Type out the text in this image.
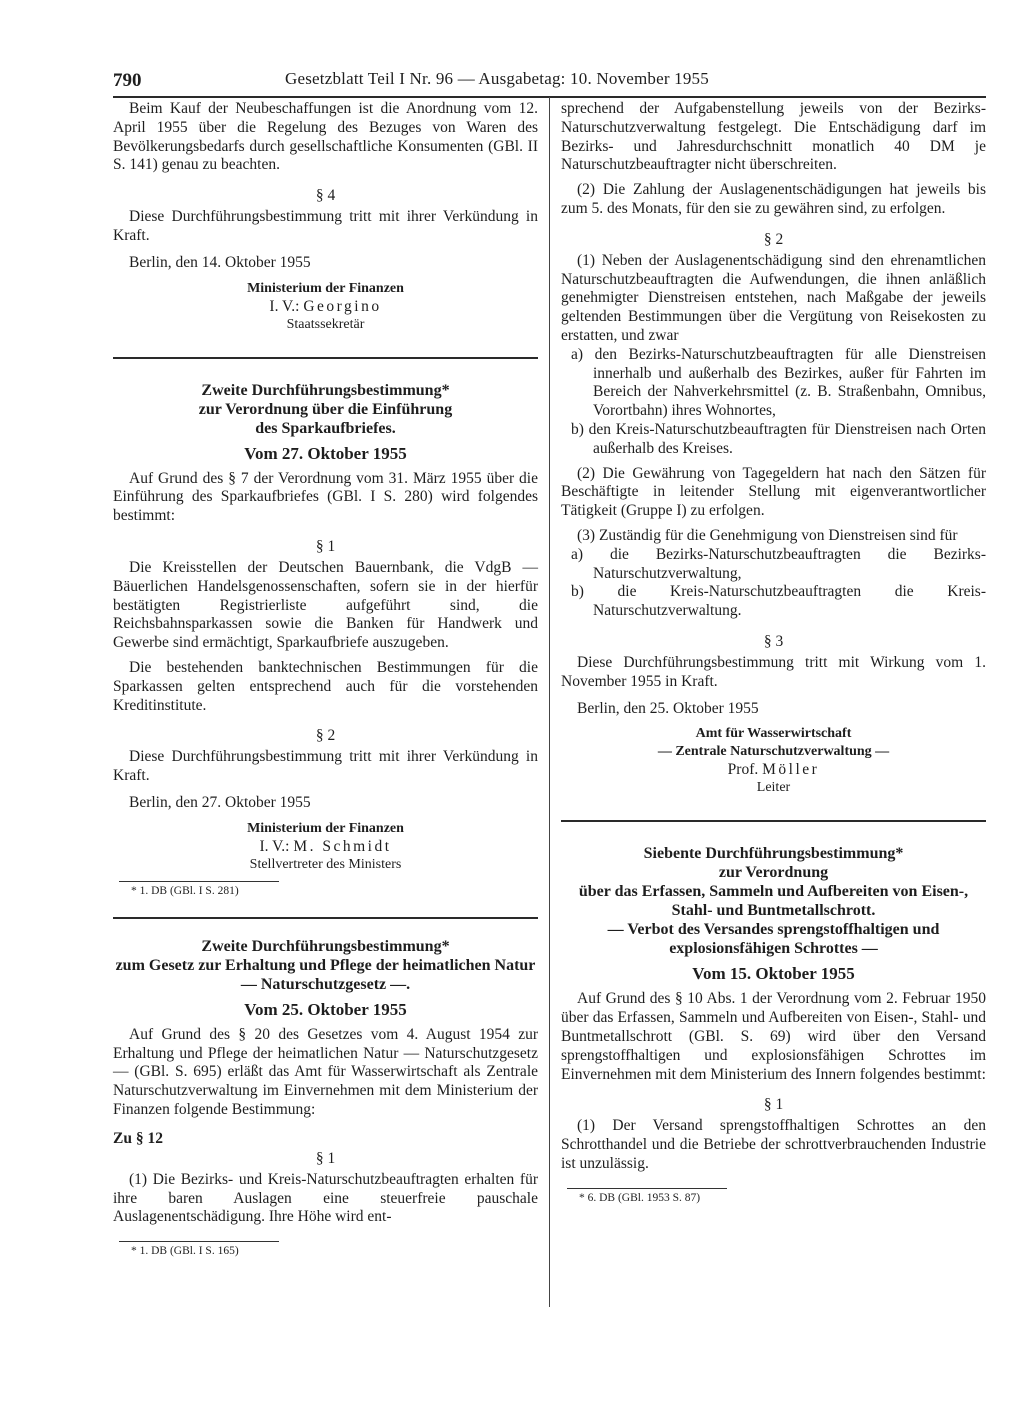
790	Gesetzblatt Teil I Nr. 96 — Ausgabetag: 10. November 1955

Beim Kauf der Neubeschaffungen ist die Anordnung vom 12. April 1955 über die Regelung des Bezuges von Waren des Bevölkerungsbedarfs durch gesellschaftliche Konsumenten (GBl. II S. 141) genau zu beachten.

§ 4

Diese Durchführungsbestimmung tritt mit ihrer Verkündung in Kraft.

Berlin, den 14. Oktober 1955

Ministerium der Finanzen
I. V.: Georgino
Staatssekretär
Zweite Durchführungsbestimmung*
zur Verordnung über die Einführung
des Sparkaufbriefes.
Vom 27. Oktober 1955

Auf Grund des § 7 der Verordnung vom 31. März 1955 über die Einführung des Sparkaufbriefes (GBl. I S. 280) wird folgendes bestimmt:

§ 1

Die Kreisstellen der Deutschen Bauernbank, die VdgB — Bäuerlichen Handelsgenossenschaften, sofern sie in der hierfür bestätigten Registrierliste aufgeführt sind, die Reichsbahnsparkassen sowie die Banken für Handwerk und Gewerbe sind ermächtigt, Sparkaufbriefe auszugeben.

Die bestehenden banktechnischen Bestimmungen für die Sparkassen gelten entsprechend auch für die vorstehenden Kreditinstitute.

§ 2

Diese Durchführungsbestimmung tritt mit ihrer Verkündung in Kraft.

Berlin, den 27. Oktober 1955

Ministerium der Finanzen
I. V.: M. Schmidt
Stellvertreter des Ministers
* 1. DB (GBl. I S. 281)
Zweite Durchführungsbestimmung*
zum Gesetz zur Erhaltung und Pflege der heimatlichen Natur — Naturschutzgesetz —.
Vom 25. Oktober 1955

Auf Grund des § 20 des Gesetzes vom 4. August 1954 zur Erhaltung und Pflege der heimatlichen Natur — Naturschutzgesetz — (GBl. S. 695) erläßt das Amt für Wasserwirtschaft als Zentrale Naturschutzverwaltung im Einvernehmen mit dem Ministerium der Finanzen folgende Bestimmung:

Zu § 12
§ 1

(1) Die Bezirks- und Kreis-Naturschutzbeauftragten erhalten für ihre baren Auslagen eine steuerfreie pauschale Auslagenentschädigung. Ihre Höhe wird ent-

* 1. DB (GBl. I S. 165)

sprechend der Aufgabenstellung jeweils von der Bezirks-Naturschutzverwaltung festgelegt. Die Entschädigung darf im Bezirks- und Jahresdurchschnitt monatlich 40 DM je Naturschutzbeauftragter nicht überschreiten.

(2) Die Zahlung der Auslagenentschädigungen hat jeweils bis zum 5. des Monats, für den sie zu gewähren sind, zu erfolgen.

§ 2

(1) Neben der Auslagenentschädigung sind den ehrenamtlichen Naturschutzbeauftragten die Aufwendungen, die ihnen anläßlich genehmigter Dienstreisen entstehen, nach Maßgabe der jeweils geltenden Bestimmungen über die Vergütung von Reisekosten zu erstatten, und zwar

a) den Bezirks-Naturschutzbeauftragten für alle Dienstreisen innerhalb und außerhalb des Bezirkes, außer für Fahrten im Bereich der Nahverkehrsmittel (z. B. Straßenbahn, Omnibus, Vorortbahn) ihres Wohnortes,

b) den Kreis-Naturschutzbeauftragten für Dienstreisen nach Orten außerhalb des Kreises.

(2) Die Gewährung von Tagegeldern hat nach den Sätzen für Beschäftigte in leitender Stellung mit eigenverantwortlicher Tätigkeit (Gruppe I) zu erfolgen.

(3) Zuständig für die Genehmigung von Dienstreisen sind für

a) die Bezirks-Naturschutzbeauftragten die Bezirks-Naturschutzverwaltung,

b) die Kreis-Naturschutzbeauftragten die Kreis-Naturschutzverwaltung.

§ 3

Diese Durchführungsbestimmung tritt mit Wirkung vom 1. November 1955 in Kraft.

Berlin, den 25. Oktober 1955

Amt für Wasserwirtschaft
— Zentrale Naturschutzverwaltung —
Prof. Möller
Leiter
Siebente Durchführungsbestimmung*
zur Verordnung
über das Erfassen, Sammeln und Aufbereiten von Eisen-, Stahl- und Buntmetallschrott.
— Verbot des Versandes sprengstoffhaltigen und explosionsfähigen Schrottes —
Vom 15. Oktober 1955

Auf Grund des § 10 Abs. 1 der Verordnung vom 2. Februar 1950 über das Erfassen, Sammeln und Aufbereiten von Eisen-, Stahl- und Buntmetallschrott (GBl. S. 69) wird über den Versand sprengstoffhaltigen und explosionsfähigen Schrottes im Einvernehmen mit dem Ministerium des Innern folgendes bestimmt:

§ 1

(1) Der Versand sprengstoffhaltigen Schrottes an den Schrotthandel und die Betriebe der schrottverbrauchenden Industrie ist unzulässig.

* 6. DB (GBl. 1953 S. 87)
